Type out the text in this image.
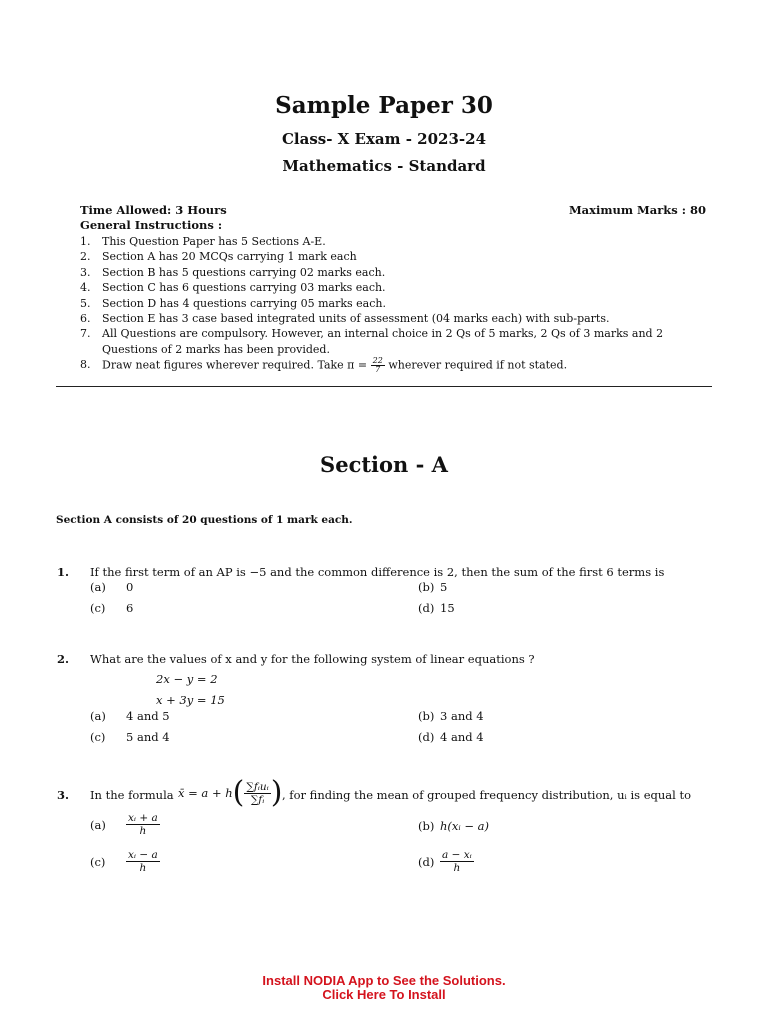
Sample Paper 30
Class- X Exam - 2023-24
Mathematics - Standard
Time Allowed: 3 Hours	Maximum Marks : 80
General Instructions :
1.	This Question Paper has 5 Sections A-E.
2.	Section A has 20 MCQs carrying 1 mark each
3.	Section B has 5 questions carrying 02 marks each.
4.	Section C has 6 questions carrying 03 marks each.
5.	Section D has 4 questions carrying 05 marks each.
6.	Section E has 3 case based integrated units of assessment (04 marks each) with sub-parts.
7.	All Questions are compulsory. However, an internal choice in 2 Qs of 5 marks, 2 Qs of 3 marks and 2 Questions of 2 marks has been provided.
8.	Draw neat figures wherever required. Take $\pi = \frac{22}{7}$ wherever required if not stated.
Section - A
Section A consists of 20 questions of 1 mark each.
1. If the first term of an AP is −5 and the common difference is 2, then the sum of the first 6 terms is
(a)	0	(b) 5
(c)	6	(d) 15
2. What are the values of x and y for the following system of linear equations ?
2x − y = 2
x + 3y = 15
(a)	4 and 5	(b) 3 and 4
(c)	5 and 4	(d) 4 and 4
3. In the formula x̄ = a + h ( $\frac{\text{∑fᵢuᵢ}}{\text{∑fᵢ}}$ ) , for finding the mean of grouped frequency distribution, uᵢ is equal to
(a)	$\frac{\text{xᵢ + a}}{h}$	(b) h(xᵢ − a)
(c)	$\frac{\text{xᵢ − a}}{h}$	$(d) \frac{\text{a − xᵢ}}{h}$
Install NODIA App to See the Solutions.
Click Here To Install
